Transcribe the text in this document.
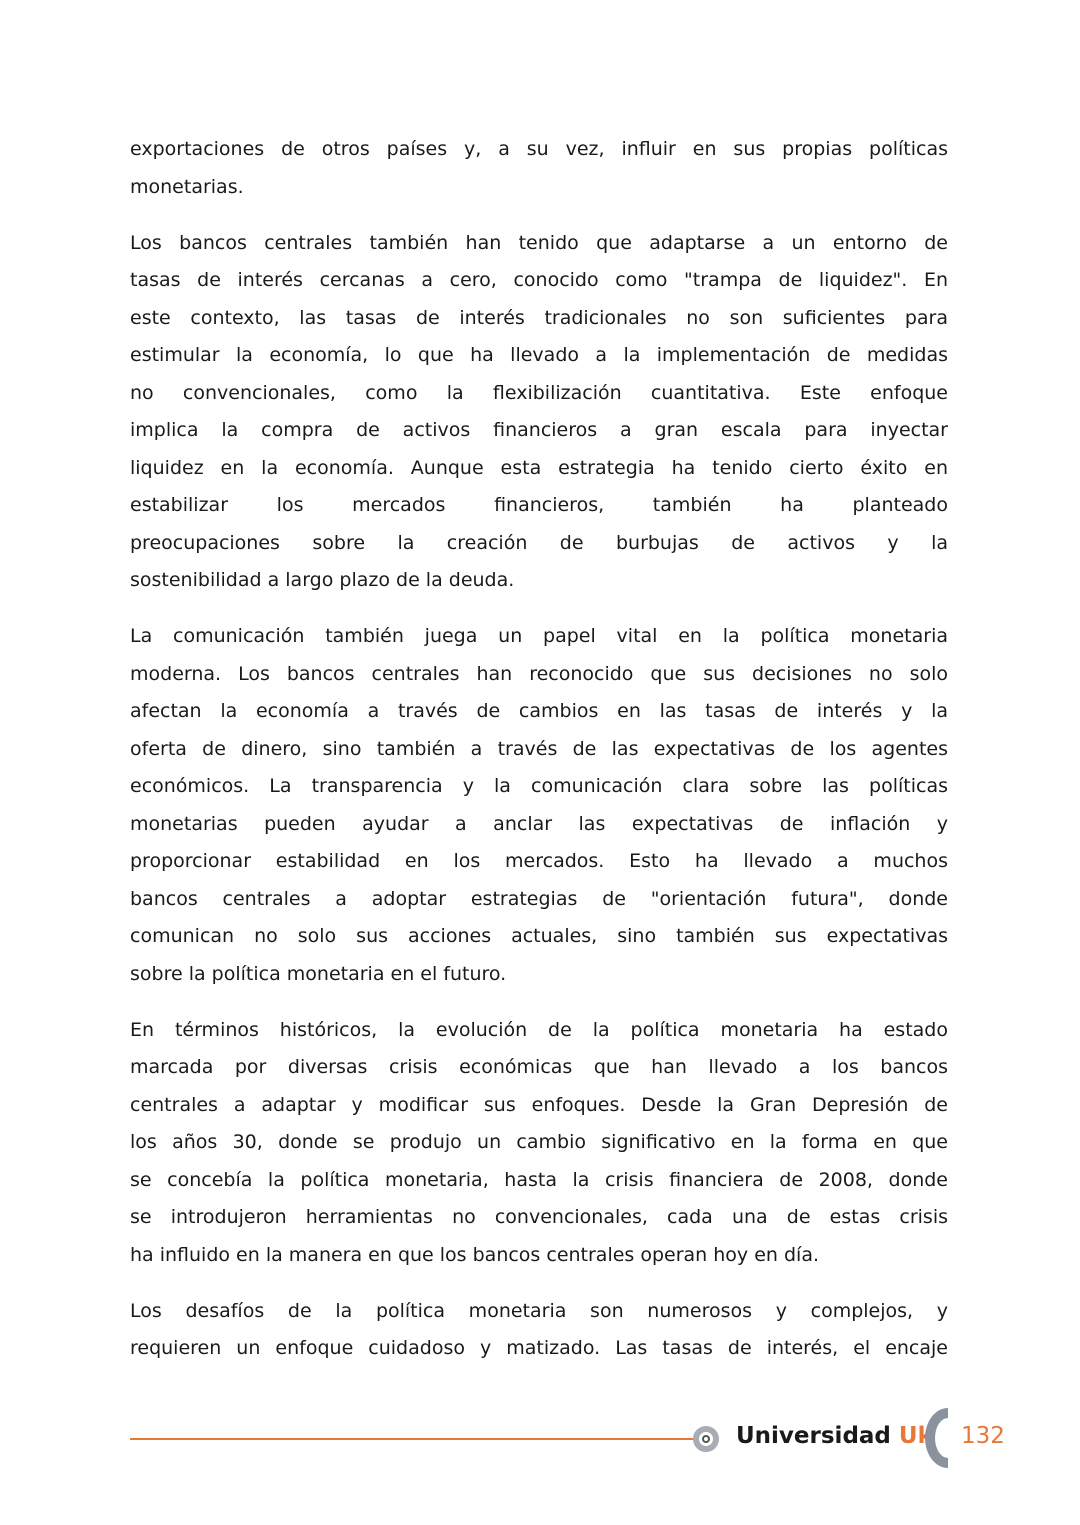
exportaciones de otros países y, a su vez, influir en sus propias políticas
monetarias.
Los bancos centrales también han tenido que adaptarse a un entorno de
tasas de interés cercanas a cero, conocido como "trampa de liquidez". En
este contexto, las tasas de interés tradicionales no son suficientes para
estimular la economía, lo que ha llevado a la implementación de medidas
no convencionales, como la flexibilización cuantitativa. Este enfoque
implica la compra de activos financieros a gran escala para inyectar
liquidez en la economía. Aunque esta estrategia ha tenido cierto éxito en
estabilizar los mercados financieros, también ha planteado
preocupaciones sobre la creación de burbujas de activos y la
sostenibilidad a largo plazo de la deuda.
La comunicación también juega un papel vital en la política monetaria
moderna. Los bancos centrales han reconocido que sus decisiones no solo
afectan la economía a través de cambios en las tasas de interés y la
oferta de dinero, sino también a través de las expectativas de los agentes
económicos. La transparencia y la comunicación clara sobre las políticas
monetarias pueden ayudar a anclar las expectativas de inflación y
proporcionar estabilidad en los mercados. Esto ha llevado a muchos
bancos centrales a adoptar estrategias de "orientación futura", donde
comunican no solo sus acciones actuales, sino también sus expectativas
sobre la política monetaria en el futuro.
En términos históricos, la evolución de la política monetaria ha estado
marcada por diversas crisis económicas que han llevado a los bancos
centrales a adaptar y modificar sus enfoques. Desde la Gran Depresión de
los años 30, donde se produjo un cambio significativo en la forma en que
se concebía la política monetaria, hasta la crisis financiera de 2008, donde
se introdujeron herramientas no convencionales, cada una de estas crisis
ha influido en la manera en que los bancos centrales operan hoy en día.
Los desafíos de la política monetaria son numerosos y complejos, y
requieren un enfoque cuidadoso y matizado. Las tasas de interés, el encaje
Universidad Uk 132
